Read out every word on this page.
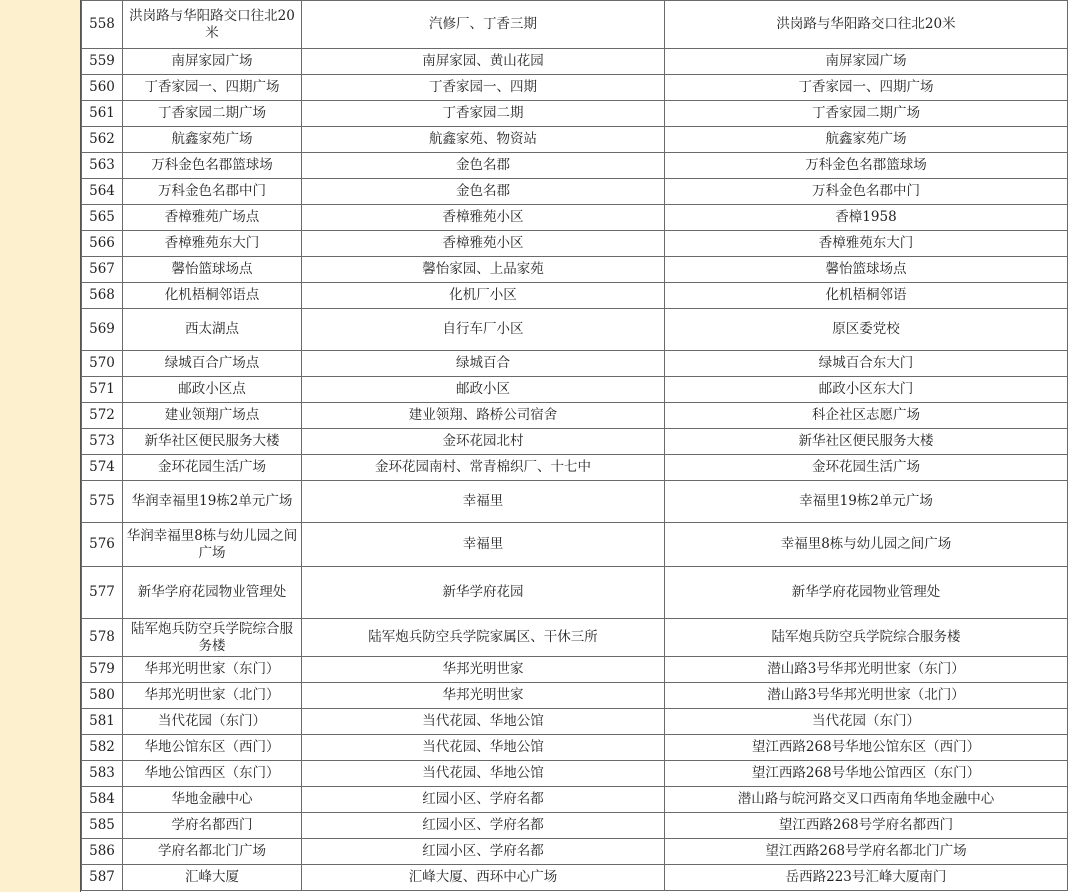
558	洪岗路与华阳路交口往北20米	汽修厂、丁香三期	洪岗路与华阳路交口往北20米
559	南屏家园广场	南屏家园、黄山花园	南屏家园广场
560	丁香家园一、四期广场	丁香家园一、四期	丁香家园一、四期广场
561	丁香家园二期广场	丁香家园二期	丁香家园二期广场
562	航鑫家苑广场	航鑫家苑、物资站	航鑫家苑广场
563	万科金色名郡篮球场	金色名郡	万科金色名郡篮球场
564	万科金色名郡中门	金色名郡	万科金色名郡中门
565	香樟雅苑广场点	香樟雅苑小区	香樟1958
566	香樟雅苑东大门	香樟雅苑小区	香樟雅苑东大门
567	馨怡篮球场点	馨怡家园、上品家苑	馨怡篮球场点
568	化机梧桐邻语点	化机厂小区	化机梧桐邻语
569	西太湖点	自行车厂小区	原区委党校
570	绿城百合广场点	绿城百合	绿城百合东大门
571	邮政小区点	邮政小区	邮政小区东大门
572	建业领翔广场点	建业领翔、路桥公司宿舍	科企社区志愿广场
573	新华社区便民服务大楼	金环花园北村	新华社区便民服务大楼
574	金环花园生活广场	金环花园南村、常青棉织厂、十七中	金环花园生活广场
575	华润幸福里19栋2单元广场	幸福里	幸福里19栋2单元广场
576	华润幸福里8栋与幼儿园之间广场	幸福里	幸福里8栋与幼儿园之间广场
577	新华学府花园物业管理处	新华学府花园	新华学府花园物业管理处
578	陆军炮兵防空兵学院综合服务楼	陆军炮兵防空兵学院家属区、干休三所	陆军炮兵防空兵学院综合服务楼
579	华邦光明世家（东门）	华邦光明世家	潜山路3号华邦光明世家（东门）
580	华邦光明世家（北门）	华邦光明世家	潜山路3号华邦光明世家（北门）
581	当代花园（东门）	当代花园、华地公馆	当代花园（东门）
582	华地公馆东区（西门）	当代花园、华地公馆	望江西路268号华地公馆东区（西门）
583	华地公馆西区（东门）	当代花园、华地公馆	望江西路268号华地公馆西区（东门）
584	华地金融中心	红园小区、学府名都	潜山路与皖河路交叉口西南角华地金融中心
585	学府名都西门	红园小区、学府名都	望江西路268号学府名都西门
586	学府名都北门广场	红园小区、学府名都	望江西路268号学府名都北门广场
587	汇峰大厦	汇峰大厦、西环中心广场	岳西路223号汇峰大厦南门
